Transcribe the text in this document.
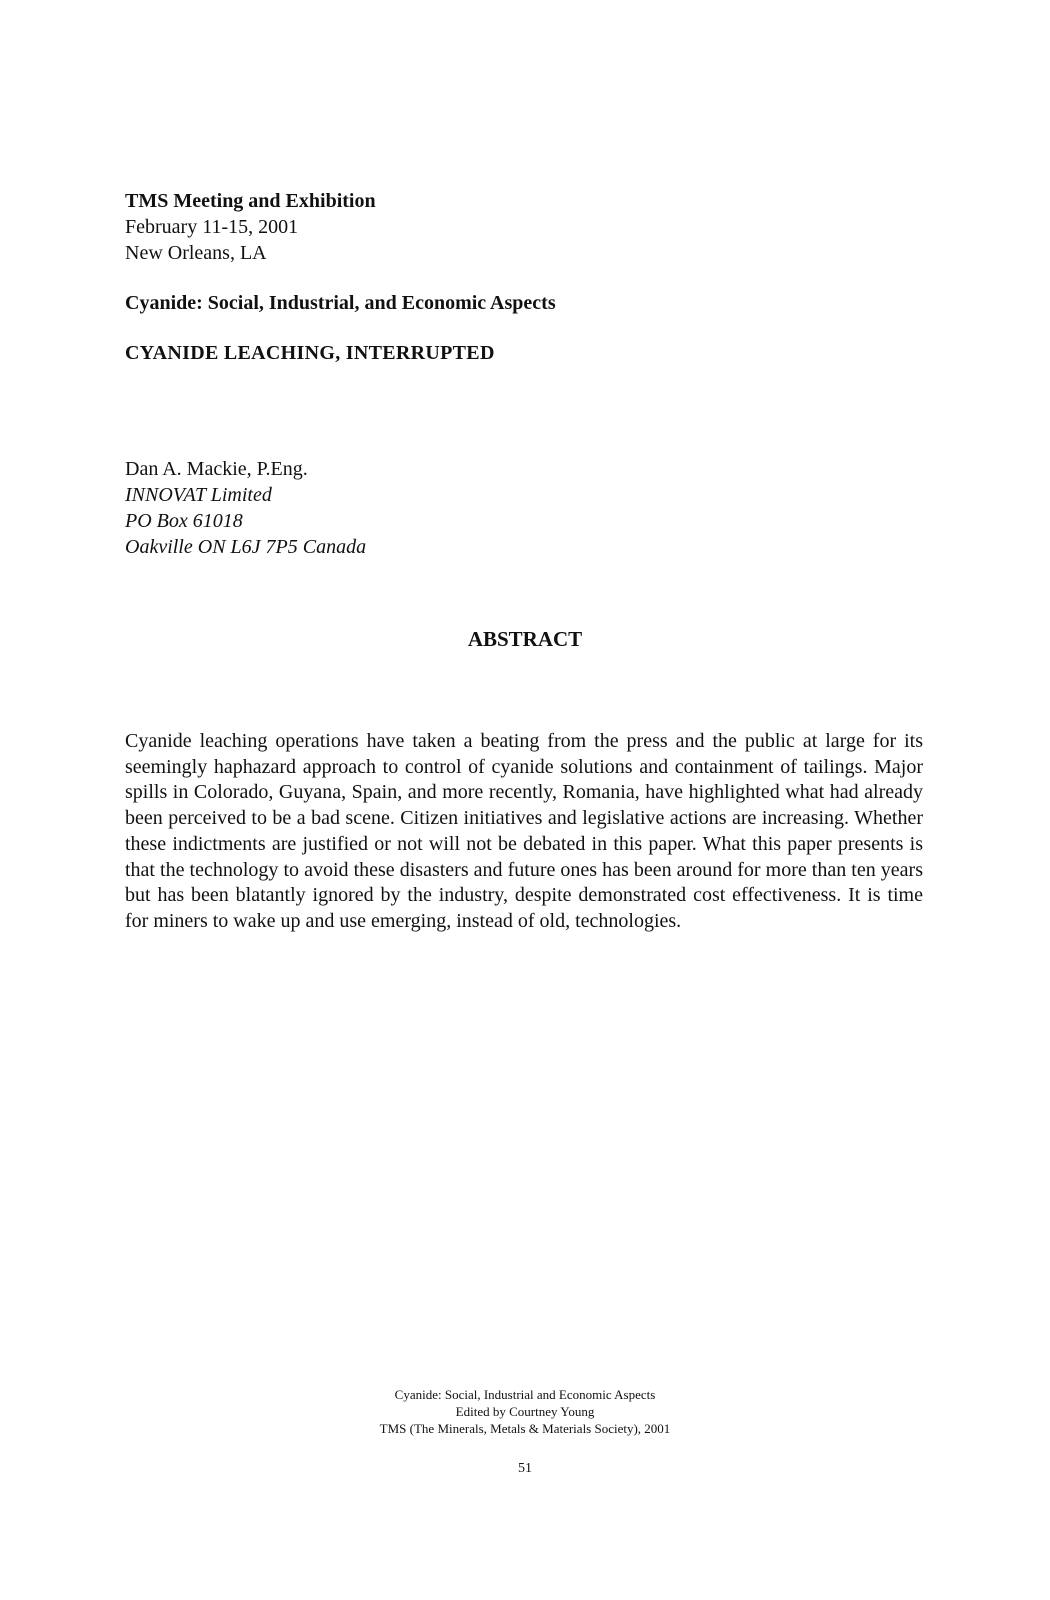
TMS Meeting and Exhibition
February 11-15, 2001
New Orleans, LA
Cyanide: Social, Industrial, and Economic Aspects
CYANIDE LEACHING, INTERRUPTED
Dan A. Mackie, P.Eng.
INNOVAT Limited
PO Box 61018
Oakville ON L6J 7P5 Canada
ABSTRACT

Cyanide leaching operations have taken a beating from the press and the public at large for its seemingly haphazard approach to control of cyanide solutions and containment of tailings. Major spills in Colorado, Guyana, Spain, and more recently, Romania, have highlighted what had already been perceived to be a bad scene. Citizen initiatives and legislative actions are increasing. Whether these indictments are justified or not will not be debated in this paper. What this paper presents is that the technology to avoid these disasters and future ones has been around for more than ten years but has been blatantly ignored by the industry, despite demonstrated cost effectiveness. It is time for miners to wake up and use emerging, instead of old, technologies.

Cyanide: Social, Industrial and Economic Aspects
Edited by Courtney Young
TMS (The Minerals, Metals & Materials Society), 2001
51
